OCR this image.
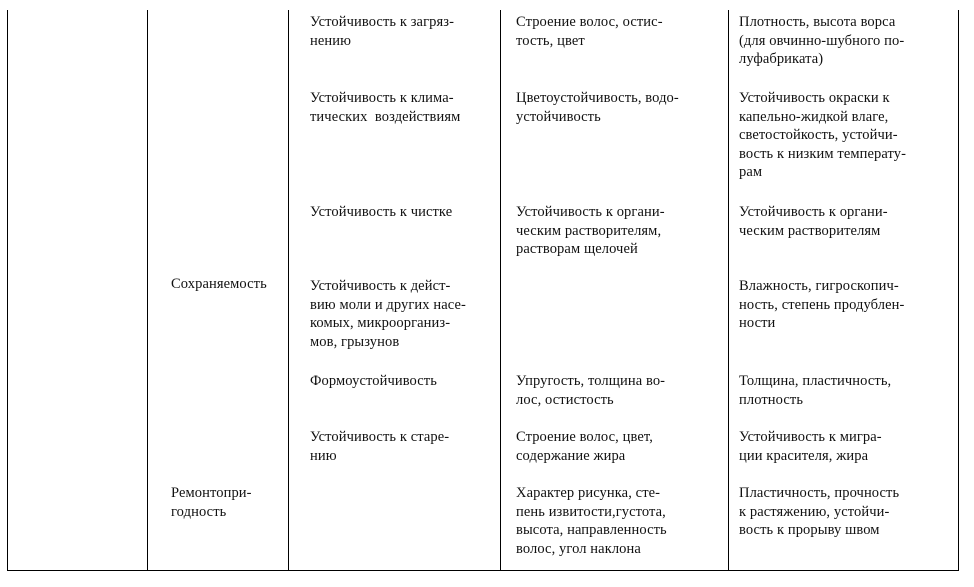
Сохраняемость
Ремонтопри-
годность
Устойчивость к загряз-
нению
Строение волос, остис-
тость, цвет
Плотность, высота ворса
(для овчинно-шубного по-
луфабриката)
Устойчивость к клима-
тических  воздействиям
Цветоустойчивость, водо-
устойчивость
Устойчивость окраски к
капельно-жидкой влаге,
светостойкость, устойчи-
вость к низким температу-
рам
Устойчивость к чистке	Устойчивость к органи-
ческим растворителям,
растворам щелочей
Устойчивость к органи-
ческим растворителям
Устойчивость к дейст-
вию моли и других насе-
комых, микроорганиз-
мов, грызунов
Влажность, гигроскопич-
ность, степень продублен-
ности
Формоустойчивость	Упругость, толщина во-
лос, остистость
Толщина, пластичность,
плотность
Устойчивость к старе-
нию
Строение волос, цвет,
содержание жира
Устойчивость к мигра-
ции красителя, жира
Характер рисунка, сте-
пень извитости,густота,
высота, направленность
волос, угол наклона
Пластичность, прочность
к растяжению, устойчи-
вость к прорыву швом
